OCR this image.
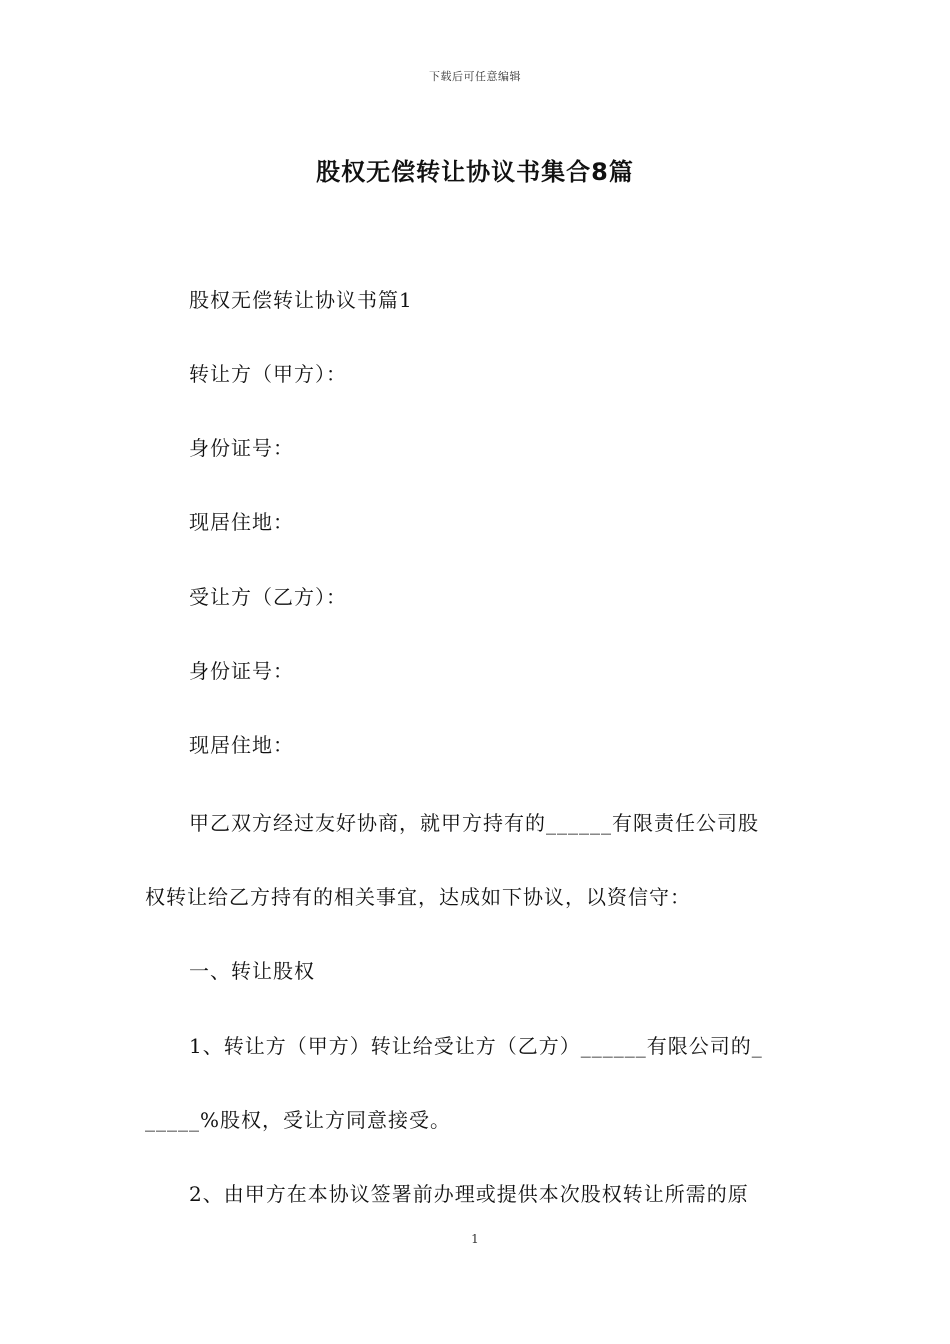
下载后可任意编辑
股权无偿转让协议书集合8篇
股权无偿转让协议书篇1
转让方（甲方）：
身份证号：
现居住地：
受让方（乙方）：
身份证号：
现居住地：
甲乙双方经过友好协商，就甲方持有的______有限责任公司股
权转让给乙方持有的相关事宜，达成如下协议，以资信守：
一、转让股权
1、转让方（甲方）转让给受让方（乙方）______有限公司的_
_____%股权，受让方同意接受。
2、由甲方在本协议签署前办理或提供本次股权转让所需的原
1
